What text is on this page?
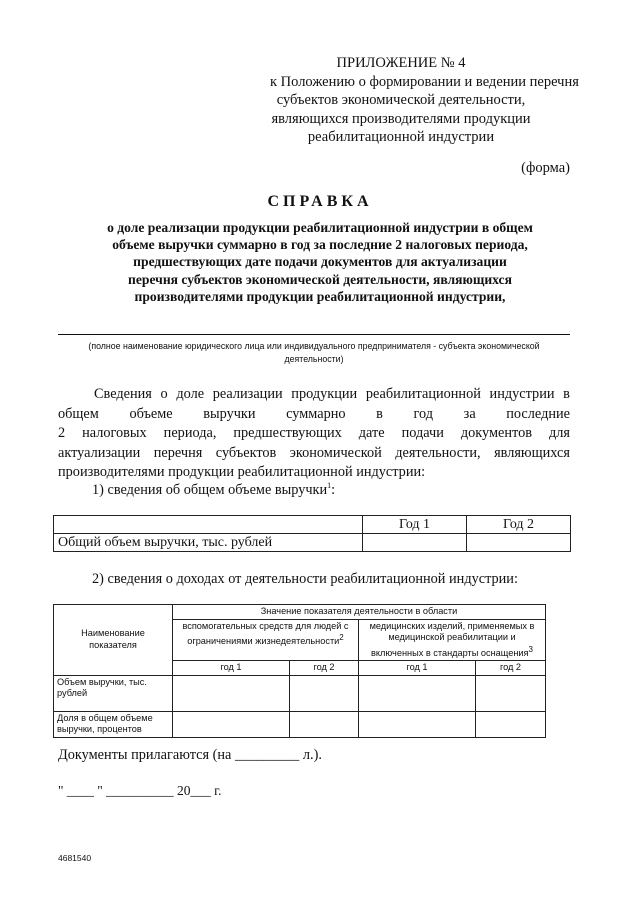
ПРИЛОЖЕНИЕ № 4
к Положению о формировании и ведении перечня
субъектов экономической деятельности,
являющихся производителями продукции
реабилитационной индустрии
(форма)
СПРАВКА
о доле реализации продукции реабилитационной индустрии в общем
объеме выручки суммарно в год за последние 2 налоговых периода,
предшествующих дате подачи документов для актуализации
перечня субъектов экономической деятельности, являющихся
производителями продукции реабилитационной индустрии,
(полное наименование юридического лица или индивидуального предпринимателя - субъекта экономической деятельности)
Сведения о доле реализации продукции реабилитационной индустрии в
общем объеме выручки суммарно в год за последние
2 налоговых периода, предшествующих дате подачи документов для
актуализации перечня субъектов экономической деятельности, являющихся
производителями продукции реабилитационной индустрии:
1) сведения об общем объеме выручки$^1$:
	Год 1	Год 2
Общий объем выручки, тыс. рублей		
2) сведения о доходах от деятельности реабилитационной индустрии:
Наименование показателя	Значение показателя деятельности в области			
	вспомогательных средств для людей с ограничениями жизнедеятельности$^2$		медицинских изделий, применяемых в медицинской реабилитации и включенных в стандарты оснащения$^3$
	год 1	год 2	год 1	год 2
Объем выручки, тыс. рублей				
Доля в общем объеме выручки, процентов				
Документы прилагаются (на _________ л.).
" ____ " __________ 20___ г.
4681540
